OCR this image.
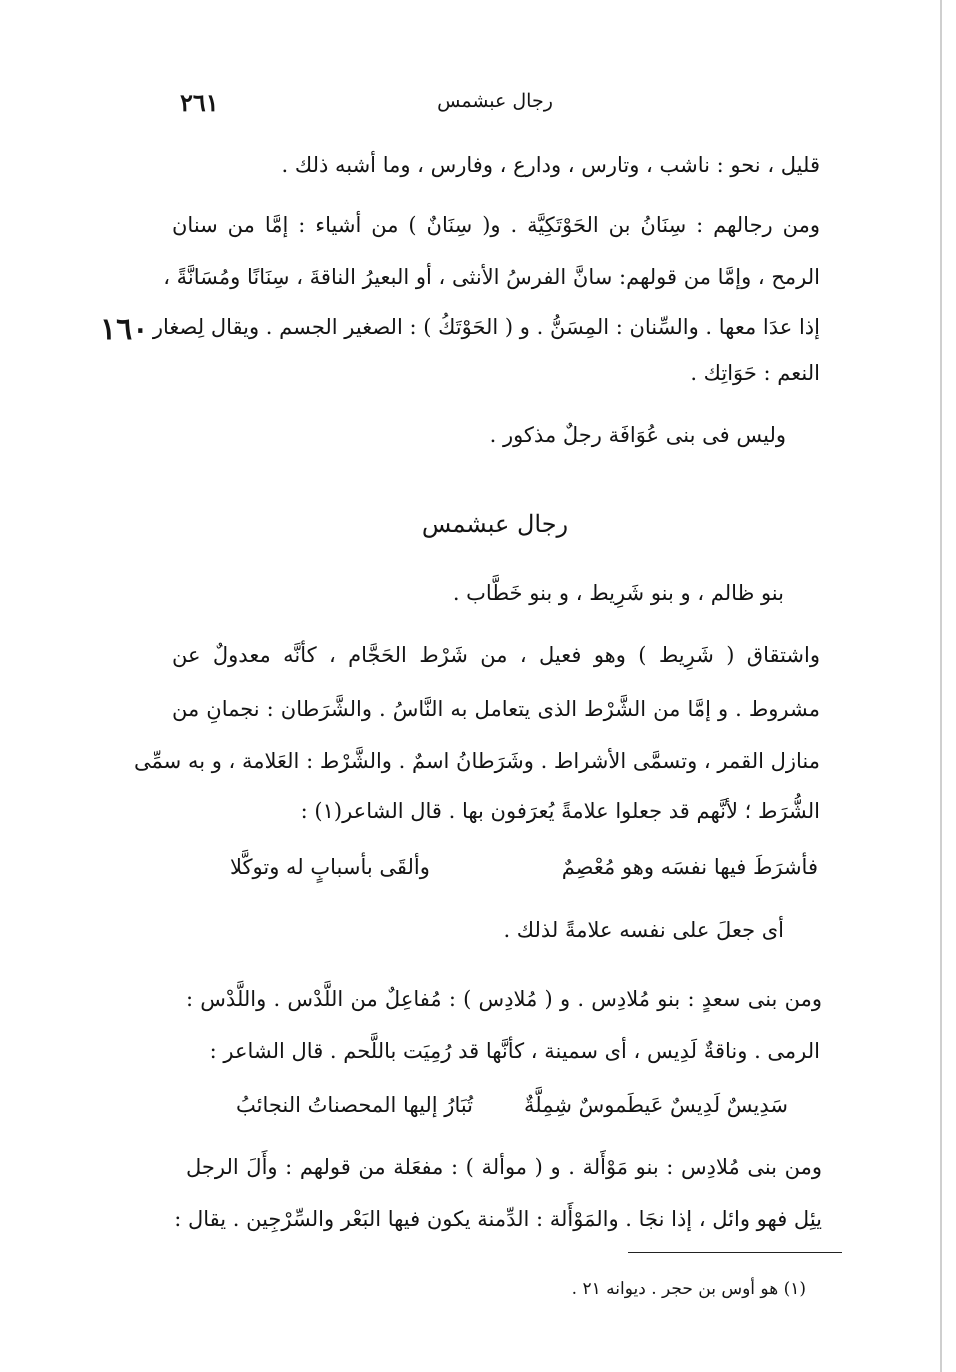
٢٦١	رجال عبشمس
١٦٠
قليل ، نحو : ناشب ، وتارس ، ودارع ، وفارس ، وما أشبه ذلك .
ومن رجالهم : سِنَانُ بن الحَوْتَكِيَّة . و( سِنَانٌ ) من أشياء : إمَّا من سنان
الرمح ، وإمَّا من قولهم: سانَّ الفرسُ الأنثى ، أو البعيرُ الناقةَ ، سِنَانًا ومُسَانَّةً ،
إذا عدَا معها . والسِّنان : المِسَنُّ . و ( الحَوْتَكُ ) : الصغير الجسم . ويقال لِصغار
النعم : حَوَاتِك .
وليس فى بنى عُوَافَة رجلٌ مذكور .
رجال عبشمس
بنو ظالم ، و بنو شَرِيط ، و بنو خَطَّاب .
واشتقاق ( شَرِيط ) وهو فعيل ، من شَرْط الحَجَّام ، كأنَّه معدولٌ عن
مشروط . و إمَّا من الشَّرْط الذى يتعامل به النَّاسُ . والشَّرَطان : نجمانِ من
منازل القمر ، وتسمَّى الأشراط . وشَرَطانُ اسمٌ . والشَّرْط : العَلامة ، و به سمِّى
الشُّرَط ؛ لأنَّهم قد جعلوا علامةً يُعرَفون بها . قال الشاعر(١) :
فأشرَطَ فيها نفسَه وهو مُعْصِمٌ
وألقَى بأسبابٍ له وتوكَّلا
أى جعلَ على نفسه علامةً لذلك .
ومن بنى سعدٍ : بنو مُلادِس . و ( مُلادِس ) : مُفاعِلٌ من اللَّدْس . واللَّدْس :
الرمى . وناقةٌ لَدِيس ، أى سمينة ، كأنَّها قد رُمِيَت باللَّحم . قال الشاعر :
سَدِيسٌ لَدِيسٌ عَيطَموسٌ شِمِلَّةٌ
تُبَارُ إليها المحصناتُ النجائبُ
ومن بنى مُلادِس : بنو مَوْأَلة . و ( موألة ) : مفعَلة من قولهم : وأَلَ الرجل
يئِل فهو وائل ، إذا نجَا . والمَوْأَلة : الدِّمنة يكون فيها البَعْر والسِّرْجِين . يقال :
(١) هو أوس بن حجر . ديوانه ٢١ .
